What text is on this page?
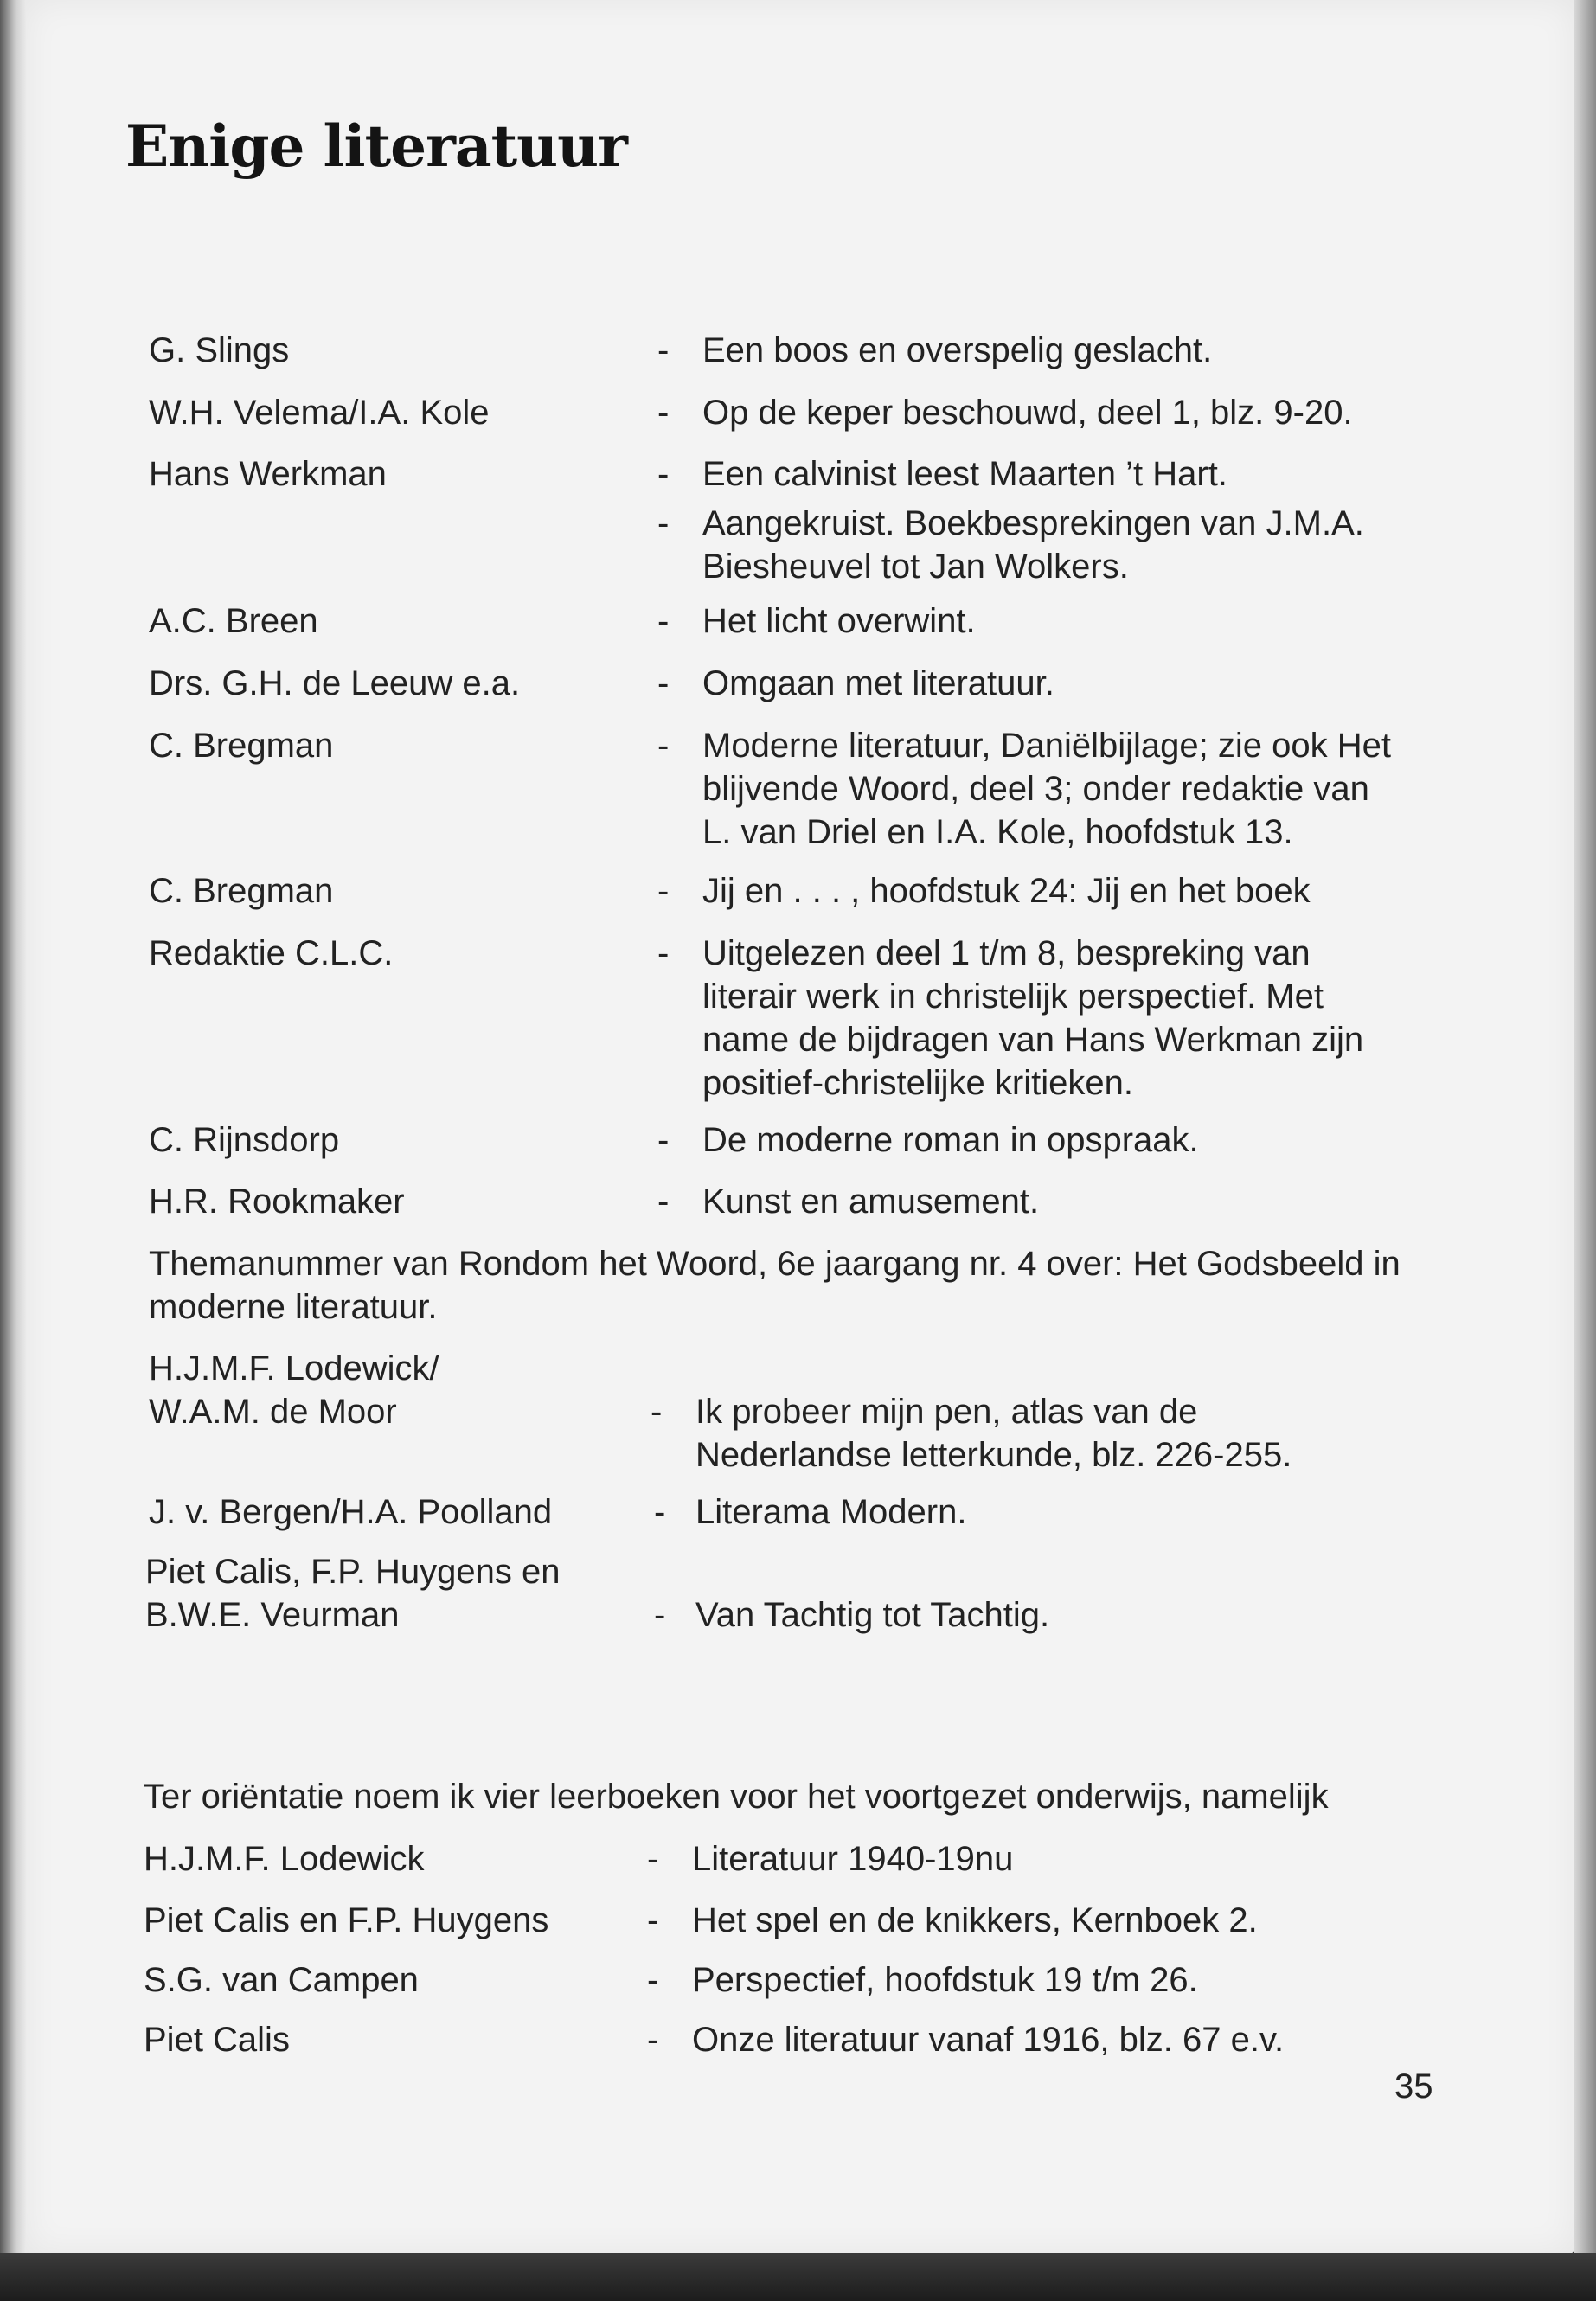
Enige literatuur
G. Slings	- Een boos en overspelig geslacht.
W.H. Velema/I.A. Kole	- Op de keper beschouwd, deel 1, blz. 9-20.
Hans Werkman	- Een calvinist leest Maarten ’t Hart.
- Aangekruist. Boekbesprekingen van J.M.A. Biesheuvel tot Jan Wolkers.
A.C. Breen	- Het licht overwint.
Drs. G.H. de Leeuw e.a.	- Omgaan met literatuur.
C. Bregman	- Moderne literatuur, Daniëlbijlage; zie ook Het blijvende Woord, deel 3; onder redaktie van L. van Driel en I.A. Kole, hoofdstuk 13.
C. Bregman	- Jij en . . . , hoofdstuk 24: Jij en het boek
Redaktie C.L.C.	- Uitgelezen deel 1 t/m 8, bespreking van literair werk in christelijk perspectief. Met name de bijdragen van Hans Werkman zijn positief-christelijke kritieken.
C. Rijnsdorp	- De moderne roman in opspraak.
H.R. Rookmaker	- Kunst en amusement.
Themanummer van Rondom het Woord, 6e jaargang nr. 4 over: Het Godsbeeld in moderne literatuur.
H.J.M.F. Lodewick/ W.A.M. de Moor	- Ik probeer mijn pen, atlas van de Nederlandse letterkunde, blz. 226-255.
J. v. Bergen/H.A. Poolland	- Literama Modern.
Piet Calis, F.P. Huygens en B.W.E. Veurman	- Van Tachtig tot Tachtig.
Ter oriëntatie noem ik vier leerboeken voor het voortgezet onderwijs, namelijk
H.J.M.F. Lodewick	- Literatuur 1940-19nu
Piet Calis en F.P. Huygens	- Het spel en de knikkers, Kernboek 2.
S.G. van Campen	- Perspectief, hoofdstuk 19 t/m 26.
Piet Calis	- Onze literatuur vanaf 1916, blz. 67 e.v.
35
